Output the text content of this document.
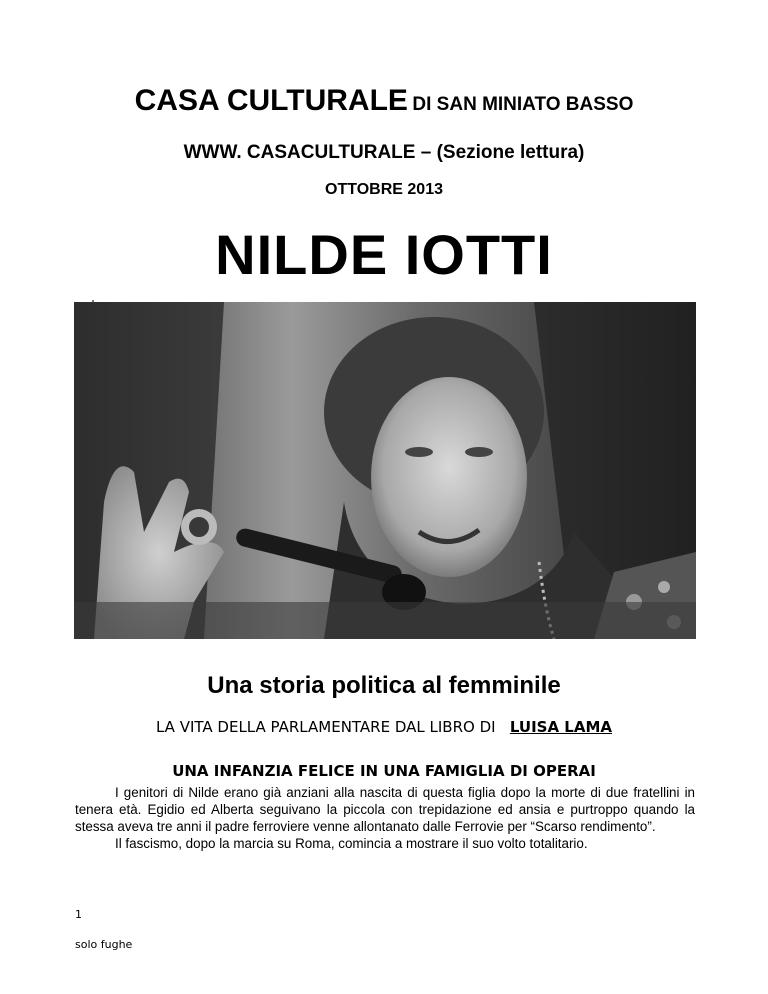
CASA CULTURALE DI SAN MINIATO BASSO
WWW. CASACULTURALE – (Sezione lettura)
OTTOBRE 2013
NILDE IOTTI
Una storia politica al femminile
LA VITA DELLA PARLAMENTARE DAL LIBRO DI LUISA LAMA
UNA INFANZIA FELICE IN UNA FAMIGLIA DI OPERAI

I genitori di Nilde erano già anziani alla nascita di questa figlia dopo la morte di due fratellini in tenera età. Egidio ed Alberta seguivano la piccola con trepidazione ed ansia e purtroppo quando la stessa aveva tre anni il padre ferroviere venne allontanato dalle Ferrovie per “Scarso rendimento”.

Il fascismo, dopo la marcia su Roma, comincia a mostrare il suo volto totalitario.

1
solo fughe
